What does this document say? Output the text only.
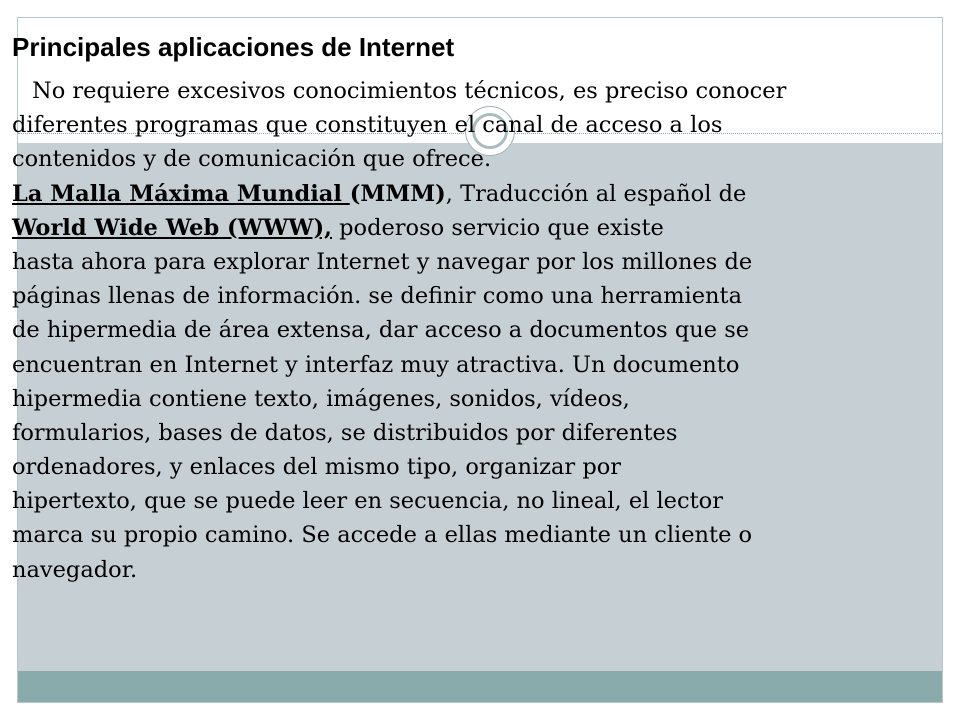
Principales aplicaciones de Internet
No requiere excesivos conocimientos técnicos, es preciso conocer
diferentes programas que constituyen el canal de acceso a los
contenidos y de comunicación que ofrece.
La Malla Máxima Mundial (MMM), Traducción al español de
World Wide Web (WWW), poderoso servicio que existe
hasta ahora para explorar Internet y navegar por los millones de
páginas llenas de información. se definir como una herramienta
de hipermedia de área extensa, dar acceso a documentos que se
encuentran en Internet y interfaz muy atractiva. Un documento
hipermedia contiene texto, imágenes, sonidos, vídeos,
formularios, bases de datos, se distribuidos por diferentes
ordenadores, y enlaces del mismo tipo, organizar por
hipertexto, que se puede leer en secuencia, no lineal, el lector
marca su propio camino. Se accede a ellas mediante un cliente o
navegador.
